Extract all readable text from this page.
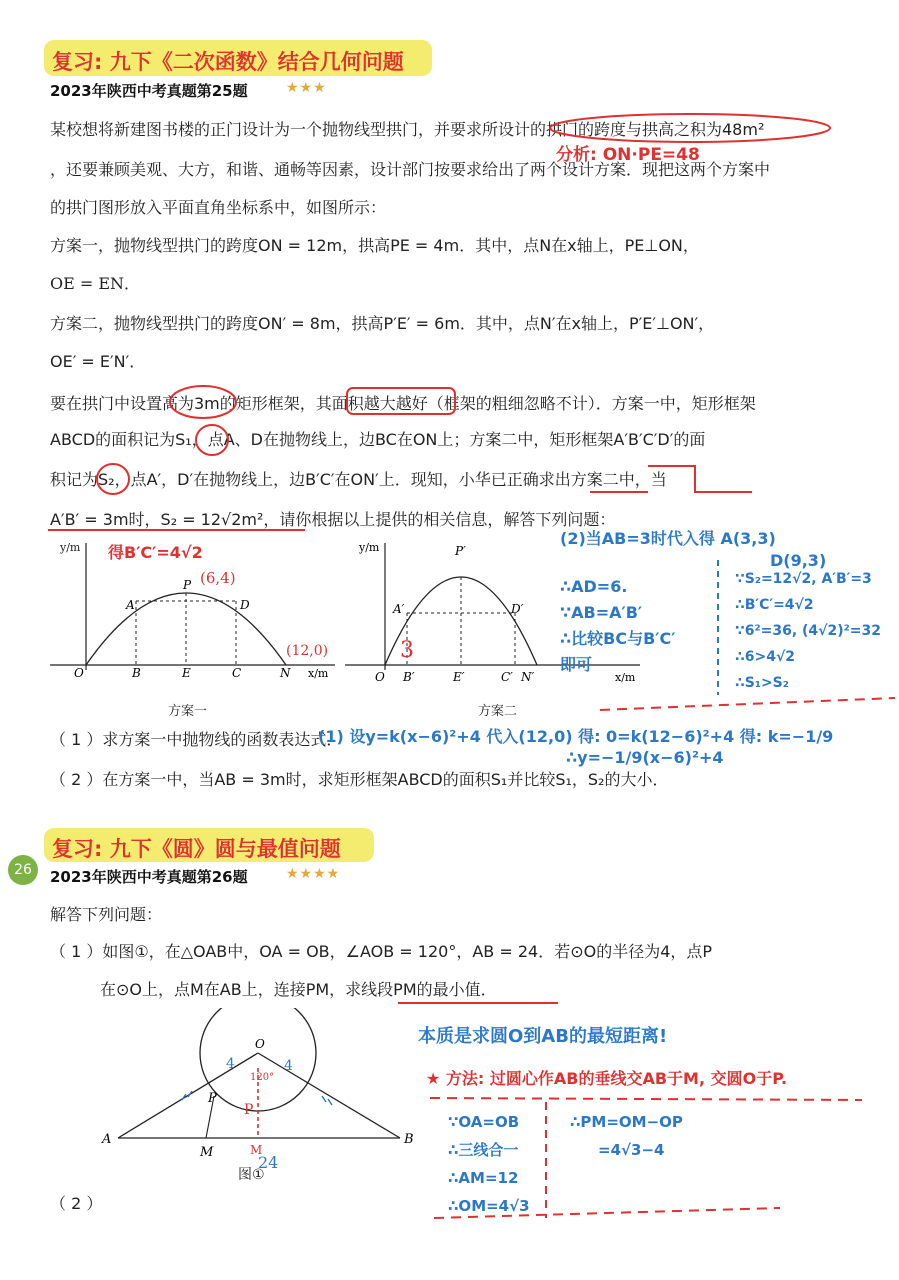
复习: 九下《二次函数》结合几何问题
2023年陕西中考真题第25题	★★★
某校想将新建图书楼的正门设计为一个抛物线型拱门，并要求所设计的拱门的跨度与拱高之积为48m²
，还要兼顾美观、大方，和谐、通畅等因素，设计部门按要求给出了两个设计方案．现把这两个方案中
的拱门图形放入平面直角坐标系中，如图所示：
方案一，抛物线型拱门的跨度ON = 12m，拱高PE = 4m．其中，点N在x轴上，PE⊥ON，
OE = EN．
方案二，抛物线型拱门的跨度ON′ = 8m，拱高P′E′ = 6m．其中，点N′在x轴上，P′E′⊥ON′，
OE′ = E′N′．
要在拱门中设置高为3m的矩形框架，其面积越大越好（框架的粗细忽略不计）．方案一中，矩形框架
ABCD的面积记为S₁，点A、D在抛物线上，边BC在ON上；方案二中，矩形框架A′B′C′D′的面
积记为S₂，点A′，D′在抛物线上，边B′C′在ON′上．现知，小华已正确求出方案二中，当
A′B′ = 3m时，S₂ = 12√2m²，请你根据以上提供的相关信息，解答下列问题：
分析: ON·PE=48
得B′C′=4√2
y/m
P
A	D
O	B	E	C	N x/m
(6,4)
(12,0)
方案一
y/m	P′
A′	D′
O B′	E′	C′ N′	x/m
3
方案二
(2)当AB=3时代入得 A(3,3)
D(9,3)
∴AD=6.
∵AB=A′B′
∴比较BC与B′C′
即可
∵S₂=12√2, A′B′=3
∴B′C′=4√2
∵6²=36, (4√2)²=32
∴6>4√2
∴S₁>S₂
（ 1 ）求方案一中抛物线的函数表达式．
（ 2 ）在方案一中，当AB = 3m时，求矩形框架ABCD的面积S₁并比较S₁，S₂的大小．
(1) 设y=k(x−6)²+4 代入(12,0) 得: 0=k(12−6)²+4 得: k=−1/9
∴y=−1/9(x−6)²+4
复习: 九下《圆》圆与最值问题
26	2023年陕西中考真题第26题	★★★★
解答下列问题：
（ 1 ）如图①，在△OAB中，OA = OB，∠AOB = 120°，AB = 24．若⊙O的半径为4，点P
在⊙O上，点M在AB上，连接PM，求线段PM的最小值．
O
A	B
M
P
120°
4	4
P
M
24
图①
（ 2 ）
本质是求圆O到AB的最短距离!
★ 方法: 过圆心作AB的垂线交AB于M, 交圆O于P.
∵OA=OB
∴三线合一
∴AM=12
∴OM=4√3
∴PM=OM−OP
=4√3−4
